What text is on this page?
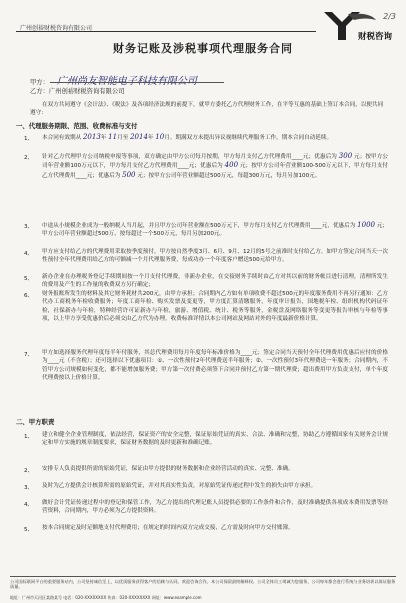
广州创裕财税咨询有限公司
财税咨询
2/3
财务记账及涉税事项代理服务合同
甲方： 广州尚友智能电子科技有限公司
乙方：广州创裕财税咨询有限公司
在双方共同遵守《会计法》、《税法》及各项经济法规的前提下，就甲方委托乙方代理财务工作，在平等互惠的基础上签订本合同，以便共同遵守：
一、代理服务期限、范围、收费标准与支付
1、 本合同有效期从 2013年 11月至 2014年 10月。期满双方未提出异议视继续代理服务工作，期本合同自动延续。
2、 针对乙方代理甲方公司纳税申报等事项，双方确定由甲方公司每月按期，甲方每月支付乙方代理费用____元；优惠后为 300 元；按甲方公司年营业额100万元以下，甲方每月支付乙方代理费用____元；优惠后为 400 元；按甲方公司年营业额100-500万元以下，甲方每月支付乙方代理费用____元；优惠后为 500 元；按甲方公司年营业额超过500万元，每超300万元，每月另加100元。
3、 中途从小规模企业成为一般纳税人当月起，并且甲方公司年营业额在500万元下，甲方每月支付乙方代理费用____元，优惠后为 1000 元；甲方公司年营业额超过500万，按每超过一个500万元，每月另加200元。
4、 甲方应支付给乙方的代理费用采取按季度预付，甲方按自然季度3月、6月、9月、12月的5号之前准时支付给乙方。如甲方签定合同当天一次性预付全年代理费用给乙方的可额减一个月代理服务费，每成功办一个年度客户赠送500元给甲方。
5、 新办企业在办理税务登记手续期间按一个月支付代理费，非新办企业，在交接财务手续时由乙方对其以前的财务帐目进行清理，清理所发生的费用及产生的工作量的收费双方另行确定；
6、 财务报账所发生的材料及其它财务耗材共200元，由甲方承担；合同期内乙方如有单项收费不超过500元的年度服务费用不再另行通知：乙方代办工商税务年检收费服务；年度工商年检、购买发票及变更等，甲方度汇算清缴服务，年度审计报告，国地税年检、组织机构代码证年检，社保新办与年检，特种经营许可证新办与年检，旅游、增值税、统计、税务等服务，金税盘及网络服务等变更等报告审核与年检等事项，以上甲方享受优惠价后必须交由乙方代为办理。收费标准详情以本公司网站及网站对外的年度最新价格计算。
7、 甲方如选择服务代理年度每半年付服务，其总代理费用每月年度每年标准价格为____元；签定合同当天预付全年代理费用优惠后应付的价格为____元（不含税）；还可选择以下优惠项目：①、一次性预付2年代理费送半年服务；②、一次性预付3年代理费送一年服务；合同期内，不管甲方公司规模如何变化，都不能增加服务费；甲方第一次付费必须签下合同并预付乙方第一期代理费；超出费用甲方负责支付，单个年度代理费按以上价格计算。
二、甲方职责
1、 建立和健全企业管理制度，依法经营，保证资产的安全完整，保证原始凭证的真实、合法、准确和完整，协助乙方遵循国家有关财务会计规定和甲方实施的规章制度要求，保证财务数据的及时更新和准确记账。
2、 安排专人负责提供所需的原始凭证，保证由甲方提供的财务数据和企业经营活动的真实、完整、准确。
3、 及时为乙方提供会计核算所需的原始凭证，并对其真实性负责，对原始凭证传递过程中发生的损失由甲方承担。
4、 做好会计凭证传递过程中的登记和保管工作，为乙方提出的代理记账人员提供必要的工作条件和合作，及时准确提供各项成本费用发票等经营资料，合同期内，甲方必须为乙方提供资料。
5、 按本合同规定及时足额地支付代理费用；在规定的时间内双方完成交接，乙方需及时向甲方交付账簿。
公司国际联网平台的重要服务站内，公司坚持诚信至上，以优质服务获得客户的信赖与认同，欢迎咨询合作，本公司保留最终解释权。公司全体员工竭诚为您服务，公司每年都会进行系统与业务培训以保证服务质量。
地址：广州市天河区某路某号 电话：020-XXXXXXXX 传真：020-XXXXXXXX 网址：www.example.com
